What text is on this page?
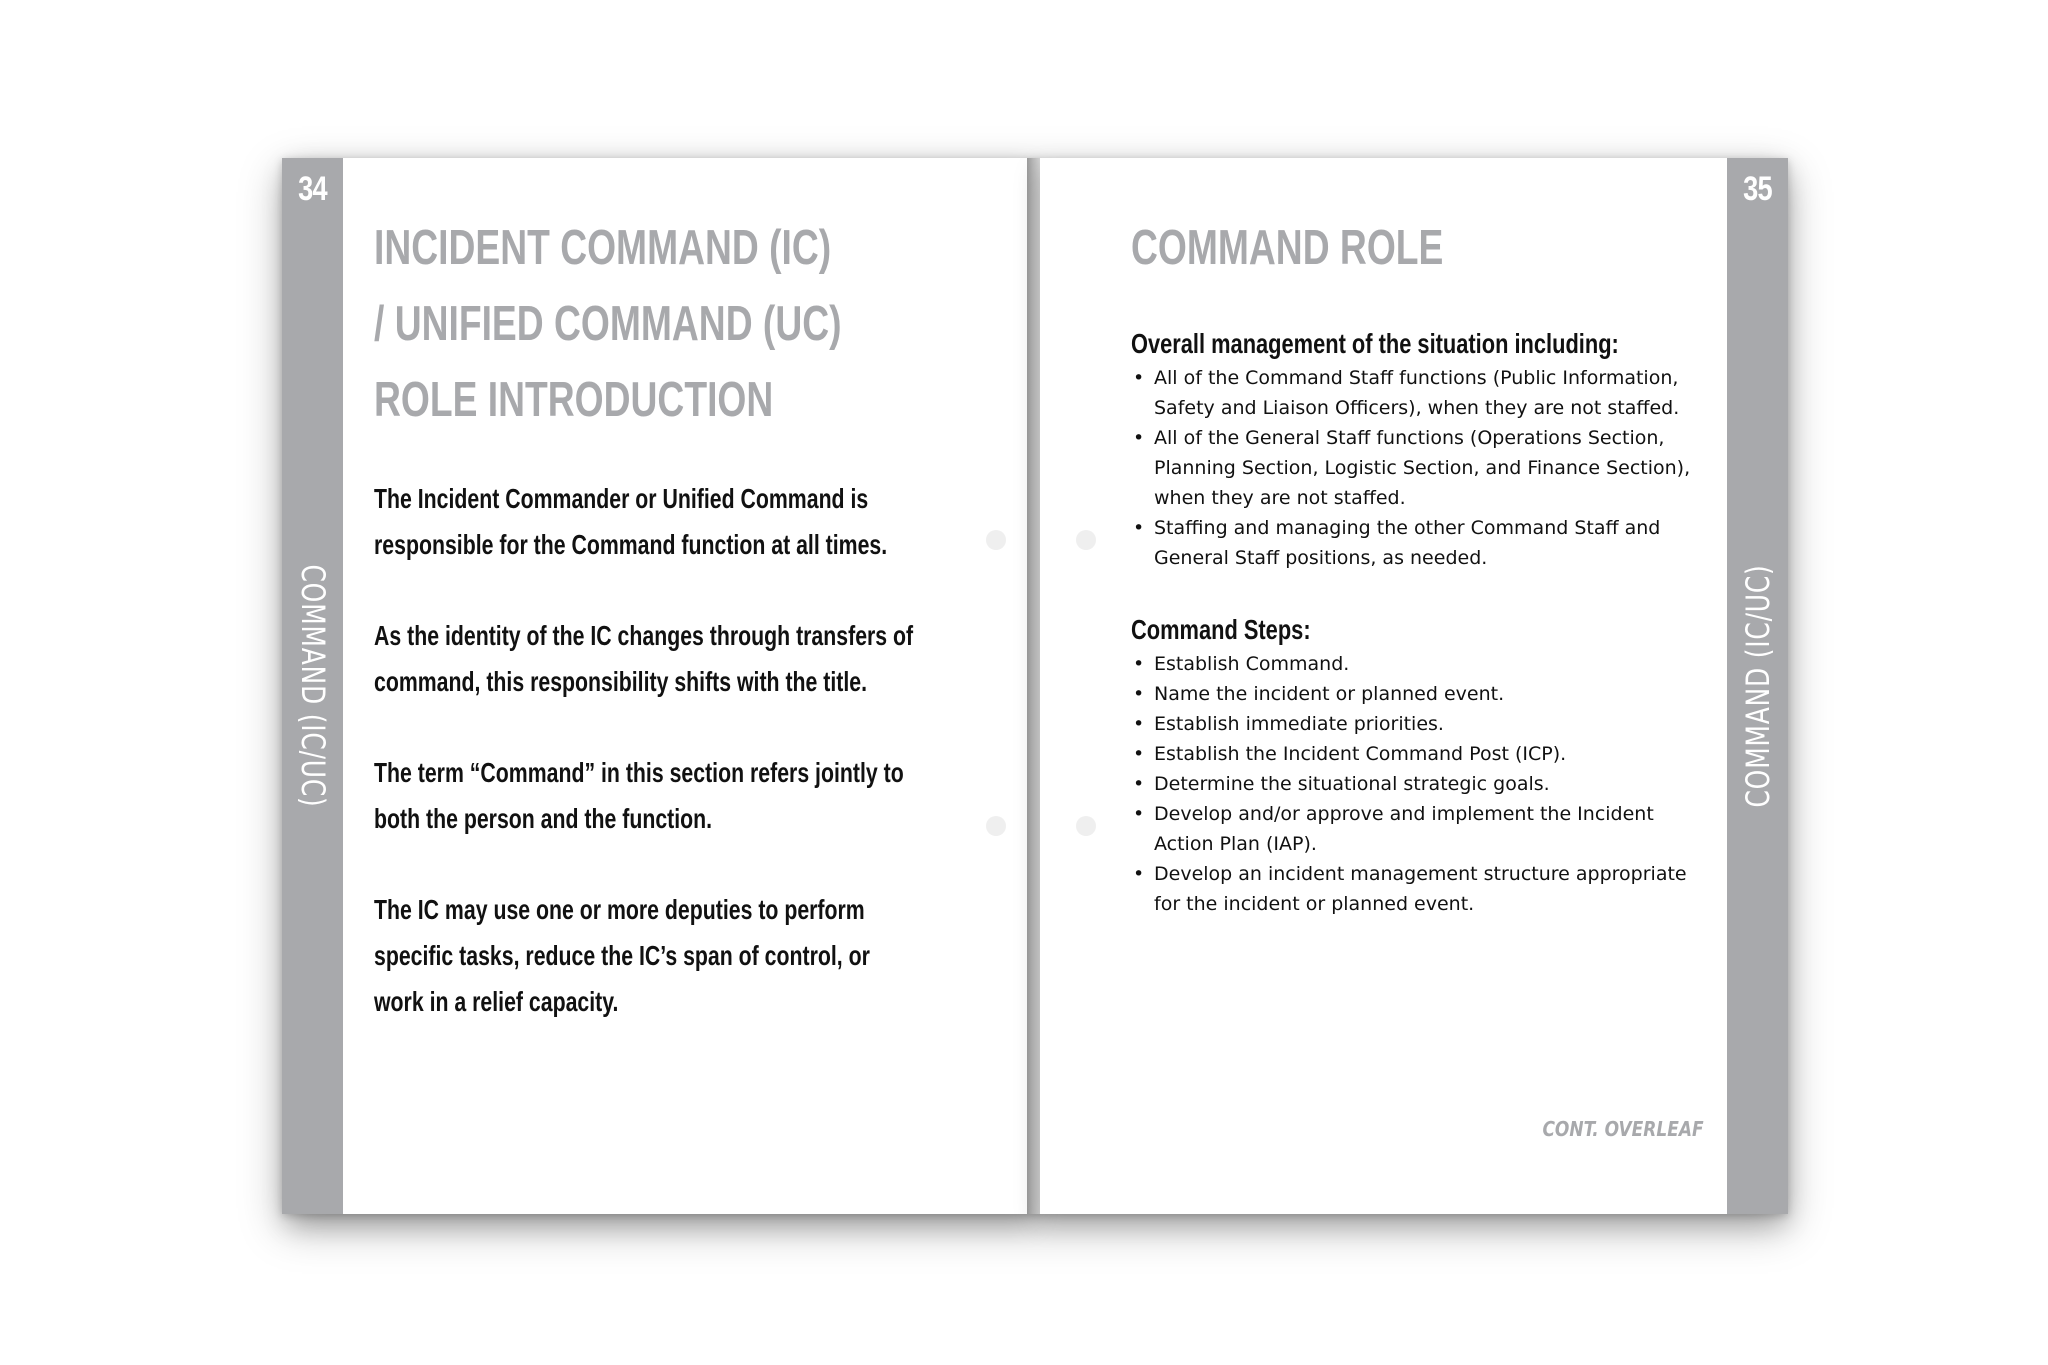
34
COMMAND (IC/UC)
INCIDENT COMMAND (IC)
/ UNIFIED COMMAND (UC)
ROLE INTRODUCTION

The Incident Commander or Unified Command is
responsible for the Command function at all times.

As the identity of the IC changes through transfers of
command, this responsibility shifts with the title.

The term “Command” in this section refers jointly to
both the person and the function.

The IC may use one or more deputies to perform
specific tasks, reduce the IC’s span of control, or
work in a relief capacity.

35
COMMAND (IC/UC)
COMMAND ROLE
Overall management of the situation including:
• All of the Command Staff functions (Public Information,
Safety and Liaison Officers), when they are not staffed.
• All of the General Staff functions (Operations Section,
Planning Section, Logistic Section, and Finance Section),
when they are not staffed.
• Staffing and managing the other Command Staff and
General Staff positions, as needed.
Command Steps:
• Establish Command.
• Name the incident or planned event.
• Establish immediate priorities.
• Establish the Incident Command Post (ICP).
• Determine the situational strategic goals.
• Develop and/or approve and implement the Incident
Action Plan (IAP).
• Develop an incident management structure appropriate
for the incident or planned event.
CONT. OVERLEAF
